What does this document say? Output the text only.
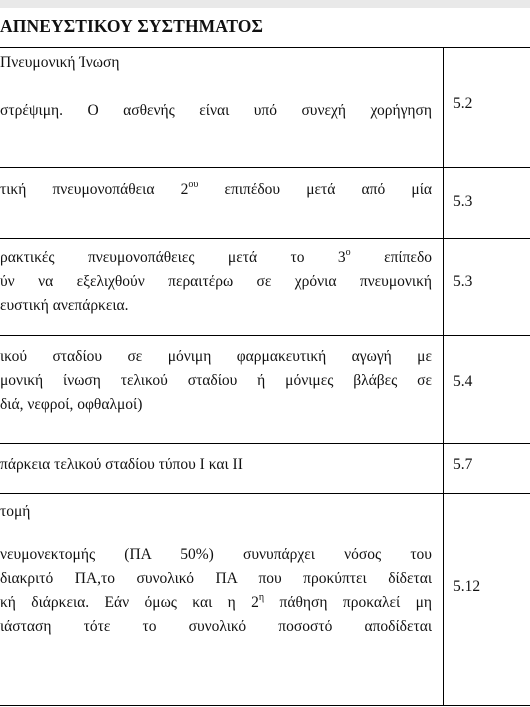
ΑΠΝΕΥΣΤΙΚΟΥ ΣΥΣΤΗΜΑΤΟΣ
Πνευμονική Ίνωση
στρέψιμη. Ο ασθενής είναι υπό συνεχή χορήγηση 5.2
τική πνευμονοπάθεια $2^{o\upsilon}$ επιπέδου μετά από μία
5.3
ρακτικές πνευμονοπάθειες μετά το $3^o$ επίπεδο
ύν να εξελιχθούν περαιτέρω σε χρόνια πνευμονική
ευστική ανεπάρκεια.
5.3
ικού σταδίου σε μόνιμη φαρμακευτική αγωγή με
μονική ίνωση τελικού σταδίου ή μόνιμες βλάβες σε
διά, νεφροί, οφθαλμοί)
5.4
πάρκεια τελικού σταδίου τύπου Ι και ΙΙ	5.7
τομή
νευμονεκτομής (ΠΑ 50%) συνυπάρχει νόσος του
διακριτό ΠΑ,το συνολικό ΠΑ που προκύπτει δίδεται
κή διάρκεια. Εάν όμως και η $2^\eta$ πάθηση προκαλεί μη
ιάσταση τότε το συνολικό ποσοστό αποδίδεται
5.12
